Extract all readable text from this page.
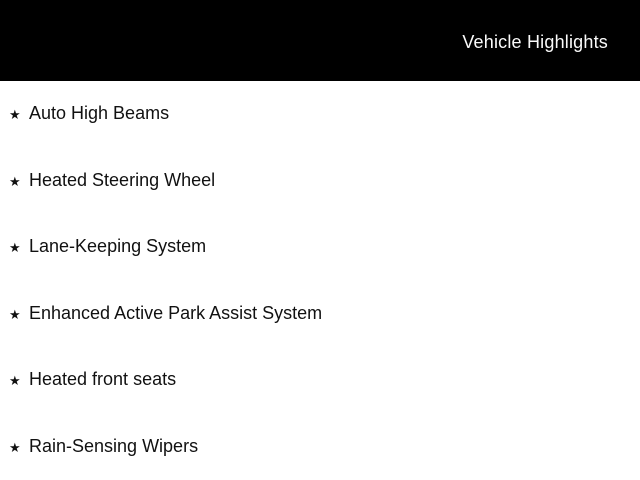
Vehicle Highlights
★ Auto High Beams
★ Heated Steering Wheel
★ Lane-Keeping System
★ Enhanced Active Park Assist System
★ Heated front seats
★ Rain-Sensing Wipers
